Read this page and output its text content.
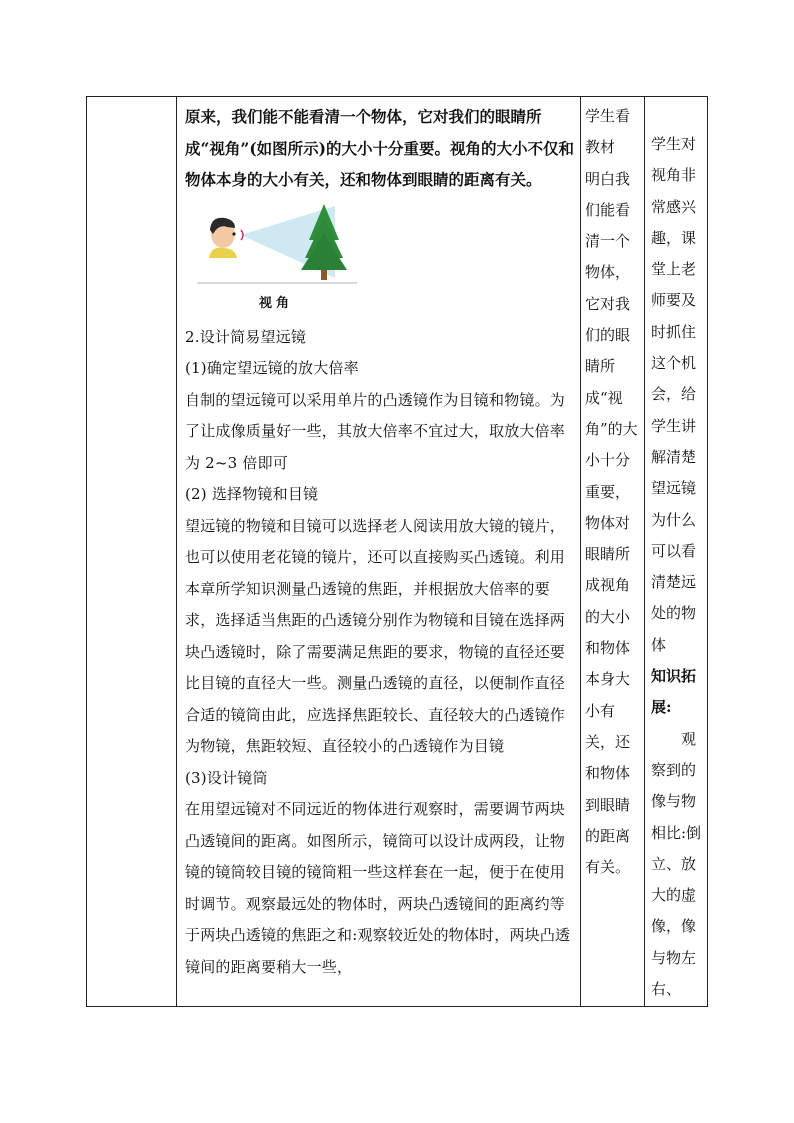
原来，我们能不能看清一个物体，它对我们的眼睛所成“视角”(如图所示)的大小十分重要。视角的大小不仅和物体本身的大小有关，还和物体到眼睛的距离有关。

视角

2.设计简易望远镜

(1)确定望远镜的放大倍率

自制的望远镜可以采用单片的凸透镜作为目镜和物镜。为了让成像质量好一些，其放大倍率不宜过大，取放大倍率为 2~3 倍即可

(2) 选择物镜和目镜

望远镜的物镜和目镜可以选择老人阅读用放大镜的镜片，也可以使用老花镜的镜片，还可以直接购买凸透镜。利用本章所学知识测量凸透镜的焦距，并根据放大倍率的要求，选择适当焦距的凸透镜分别作为物镜和目镜在选择两块凸透镜时，除了需要满足焦距的要求，物镜的直径还要比目镜的直径大一些。测量凸透镜的直径，以便制作直径合适的镜筒由此，应选择焦距较长、直径较大的凸透镜作为物镜，焦距较短、直径较小的凸透镜作为目镜

(3)设计镜筒

在用望远镜对不同远近的物体进行观察时，需要调节两块凸透镜间的距离。如图所示，镜筒可以设计成两段，让物镜的镜筒较目镜的镜筒粗一些这样套在一起，便于在使用时调节。观察最远处的物体时，两块凸透镜间的距离约等于两块凸透镜的焦距之和:观察较近处的物体时，两块凸透镜间的距离要稍大一些，

学生看教材

明白我们能看清一个物体，它对我们的眼睛所成“视角”的大小十分重要，物体对眼睛所成视角的大小和物体本身大小有关，还和物体到眼睛的距离有关。

学生对视角非常感兴趣，课堂上老师要及时抓住这个机会，给学生讲解清楚望远镜为什么可以看清楚远处的物体

知识拓展:

观察到的像与物相比:倒立、放大的虚像，像与物左右、
